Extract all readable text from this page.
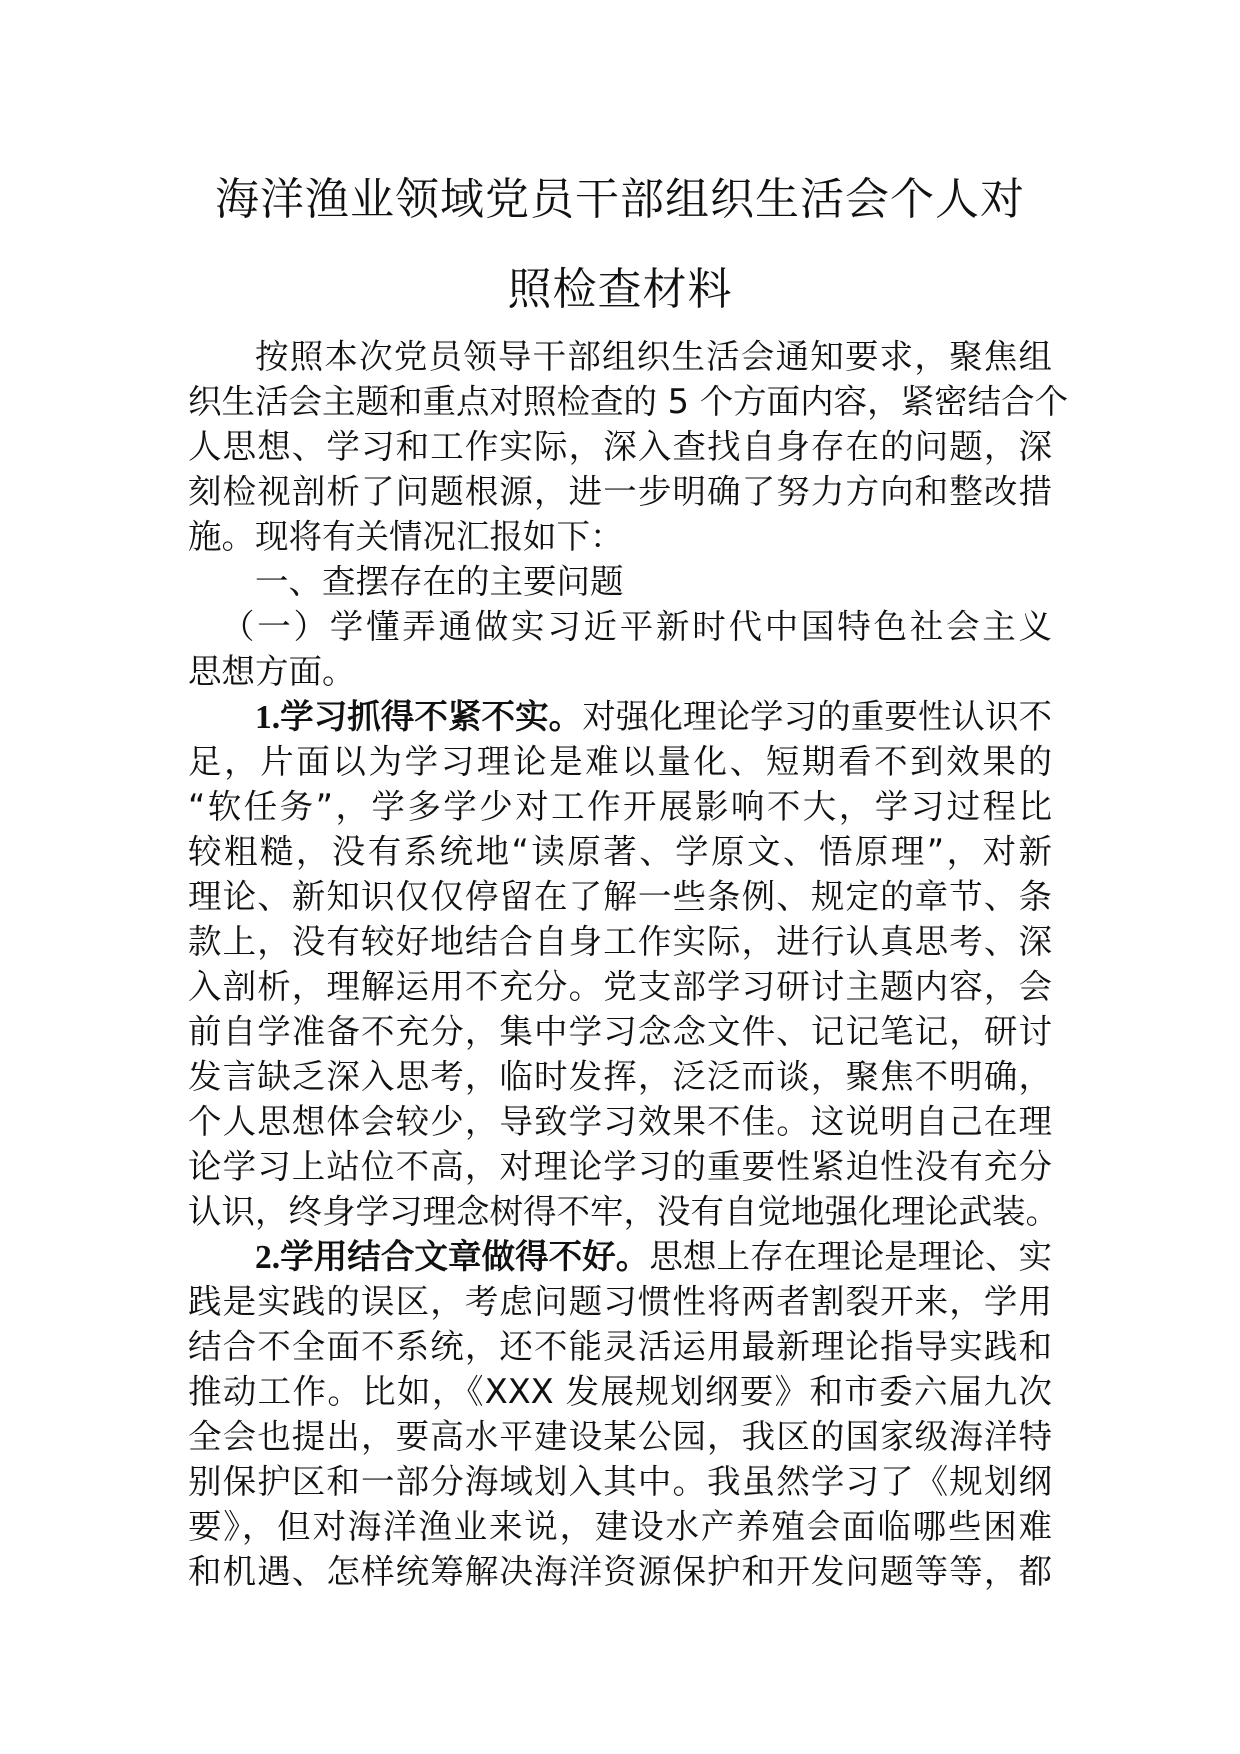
海洋渔业领域党员干部组织生活会个人对
照检查材料
按照本次党员领导干部组织生活会通知要求，聚焦组
织生活会主题和重点对照检查的 5 个方面内容，紧密结合个
人思想、学习和工作实际，深入查找自身存在的问题，深
刻检视剖析了问题根源，进一步明确了努力方向和整改措
施。现将有关情况汇报如下：
一、查摆存在的主要问题
（一）学懂弄通做实习近平新时代中国特色社会主义
思想方面。
1.学习抓得不紧不实。对强化理论学习的重要性认识不
足，片面以为学习理论是难以量化、短期看不到效果的
“软任务”，学多学少对工作开展影响不大，学习过程比
较粗糙，没有系统地“读原著、学原文、悟原理”，对新
理论、新知识仅仅停留在了解一些条例、规定的章节、条
款上，没有较好地结合自身工作实际，进行认真思考、深
入剖析，理解运用不充分。党支部学习研讨主题内容，会
前自学准备不充分，集中学习念念文件、记记笔记，研讨
发言缺乏深入思考，临时发挥，泛泛而谈，聚焦不明确，
个人思想体会较少，导致学习效果不佳。这说明自己在理
论学习上站位不高，对理论学习的重要性紧迫性没有充分
认识，终身学习理念树得不牢，没有自觉地强化理论武装。
2.学用结合文章做得不好。思想上存在理论是理论、实
践是实践的误区，考虑问题习惯性将两者割裂开来，学用
结合不全面不系统，还不能灵活运用最新理论指导实践和
推动工作。比如，《XXX 发展规划纲要》和市委六届九次
全会也提出，要高水平建设某公园，我区的国家级海洋特
别保护区和一部分海域划入其中。我虽然学习了《规划纲
要》，但对海洋渔业来说，建设水产养殖会面临哪些困难
和机遇、怎样统筹解决海洋资源保护和开发问题等等，都
